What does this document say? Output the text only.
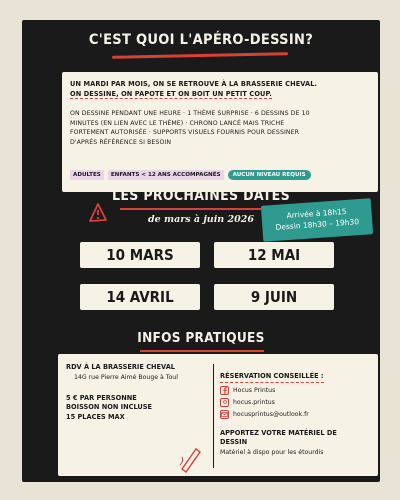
C'EST QUOI L'APÉRO-DESSIN?
UN MARDI PAR MOIS, ON SE RETROUVE À LA BRASSERIE CHEVAL.
ON DESSINE, ON PAPOTE ET ON BOIT UN PETIT COUP.
ON DESSINE PENDANT UNE HEURE · 1 THÈME SURPRISE · 6 DESSINS DE 10
MINUTES (EN LIEN AVEC LE THÈME) · CHRONO LANCÉ MAIS TRICHE
FORTEMENT AUTORISÉE · SUPPORTS VISUELS FOURNIS POUR DESSINER
D'APRÈS RÉFÉRENCE SI BESOIN
ADULTES	ENFANTS < 12 ANS ACCOMPAGNÉS	AUCUN NIVEAU REQUIS
LES PROCHAINES DATES
de mars à juin 2026	Arrivée à 18h15
Dessin 18h30 – 19h30
10 MARS	12 MAI
14 AVRIL	9 JUIN
INFOS PRATIQUES
RDV À LA BRASSERIE CHEVAL
14G rue Pierre Aimé Bouge à Toul
5 € PAR PERSONNE
BOISSON NON INCLUSE
15 PLACES MAX
RÉSERVATION CONSEILLÉE :
Hocus Printus
hocus.printus
hocusprintus@outlook.fr
APPORTEZ VOTRE MATÉRIEL DE
DESSIN
Matériel à dispo pour les étourdis
